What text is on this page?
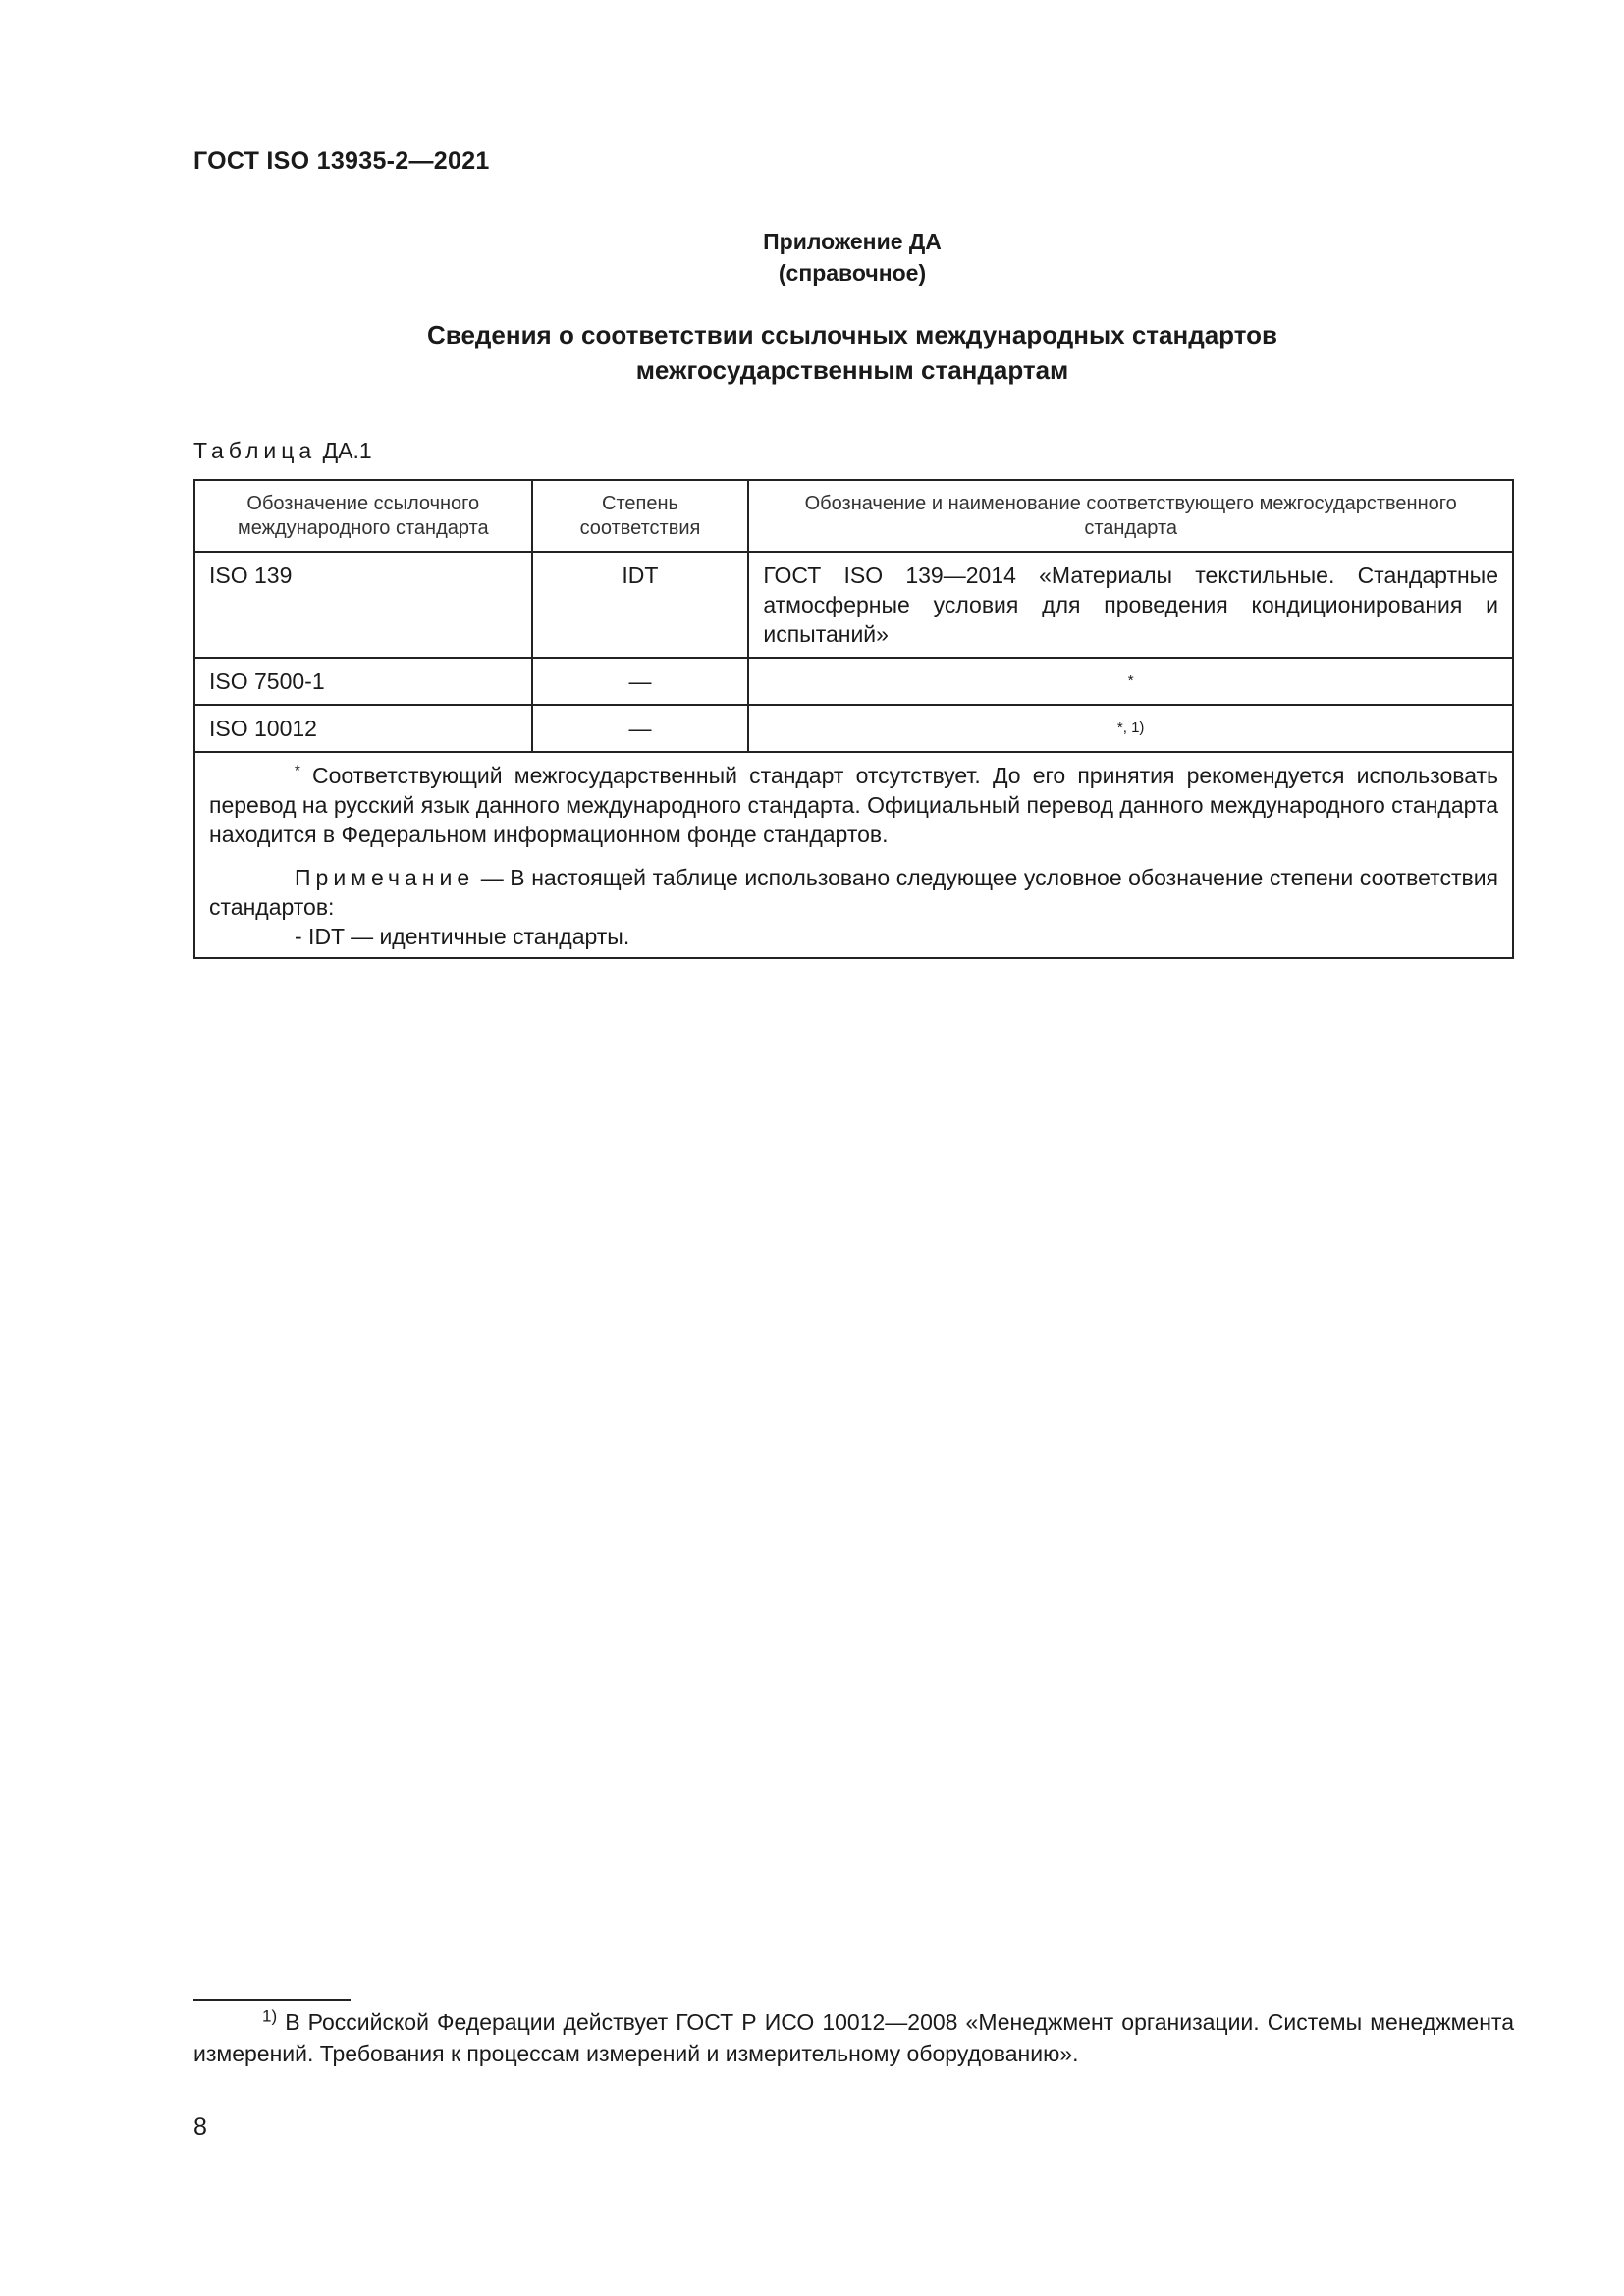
ГОСТ ISO 13935-2—2021
Приложение ДА
(справочное)
Сведения о соответствии ссылочных международных стандартов
межгосударственным стандартам
Таблица ДА.1
Обозначение ссылочного международного стандарта	Степень соответствия	Обозначение и наименование соответствующего межгосударственного стандарта
ISO 139	IDT	ГОСТ ISO 139—2014 «Материалы текстильные. Стандартные атмосферные условия для проведения кондиционирования и испытаний»
ISO 7500-1	—	*
ISO 10012	—	*, 1)

* Соответствующий межгосударственный стандарт отсутствует. До его принятия рекомендуется использовать перевод на русский язык данного международного стандарта. Официальный перевод данного международного стандарта находится в Федеральном информационном фонде стандартов.
Примечание — В настоящей таблице использовано следующее условное обозначение степени соответствия стандартов:
- IDT — идентичные стандарты.		
$^{1)}$ В Российской Федерации действует ГОСТ Р ИСО 10012—2008 «Менеджмент организации. Системы менеджмента измерений. Требования к процессам измерений и измерительному оборудованию».
8
